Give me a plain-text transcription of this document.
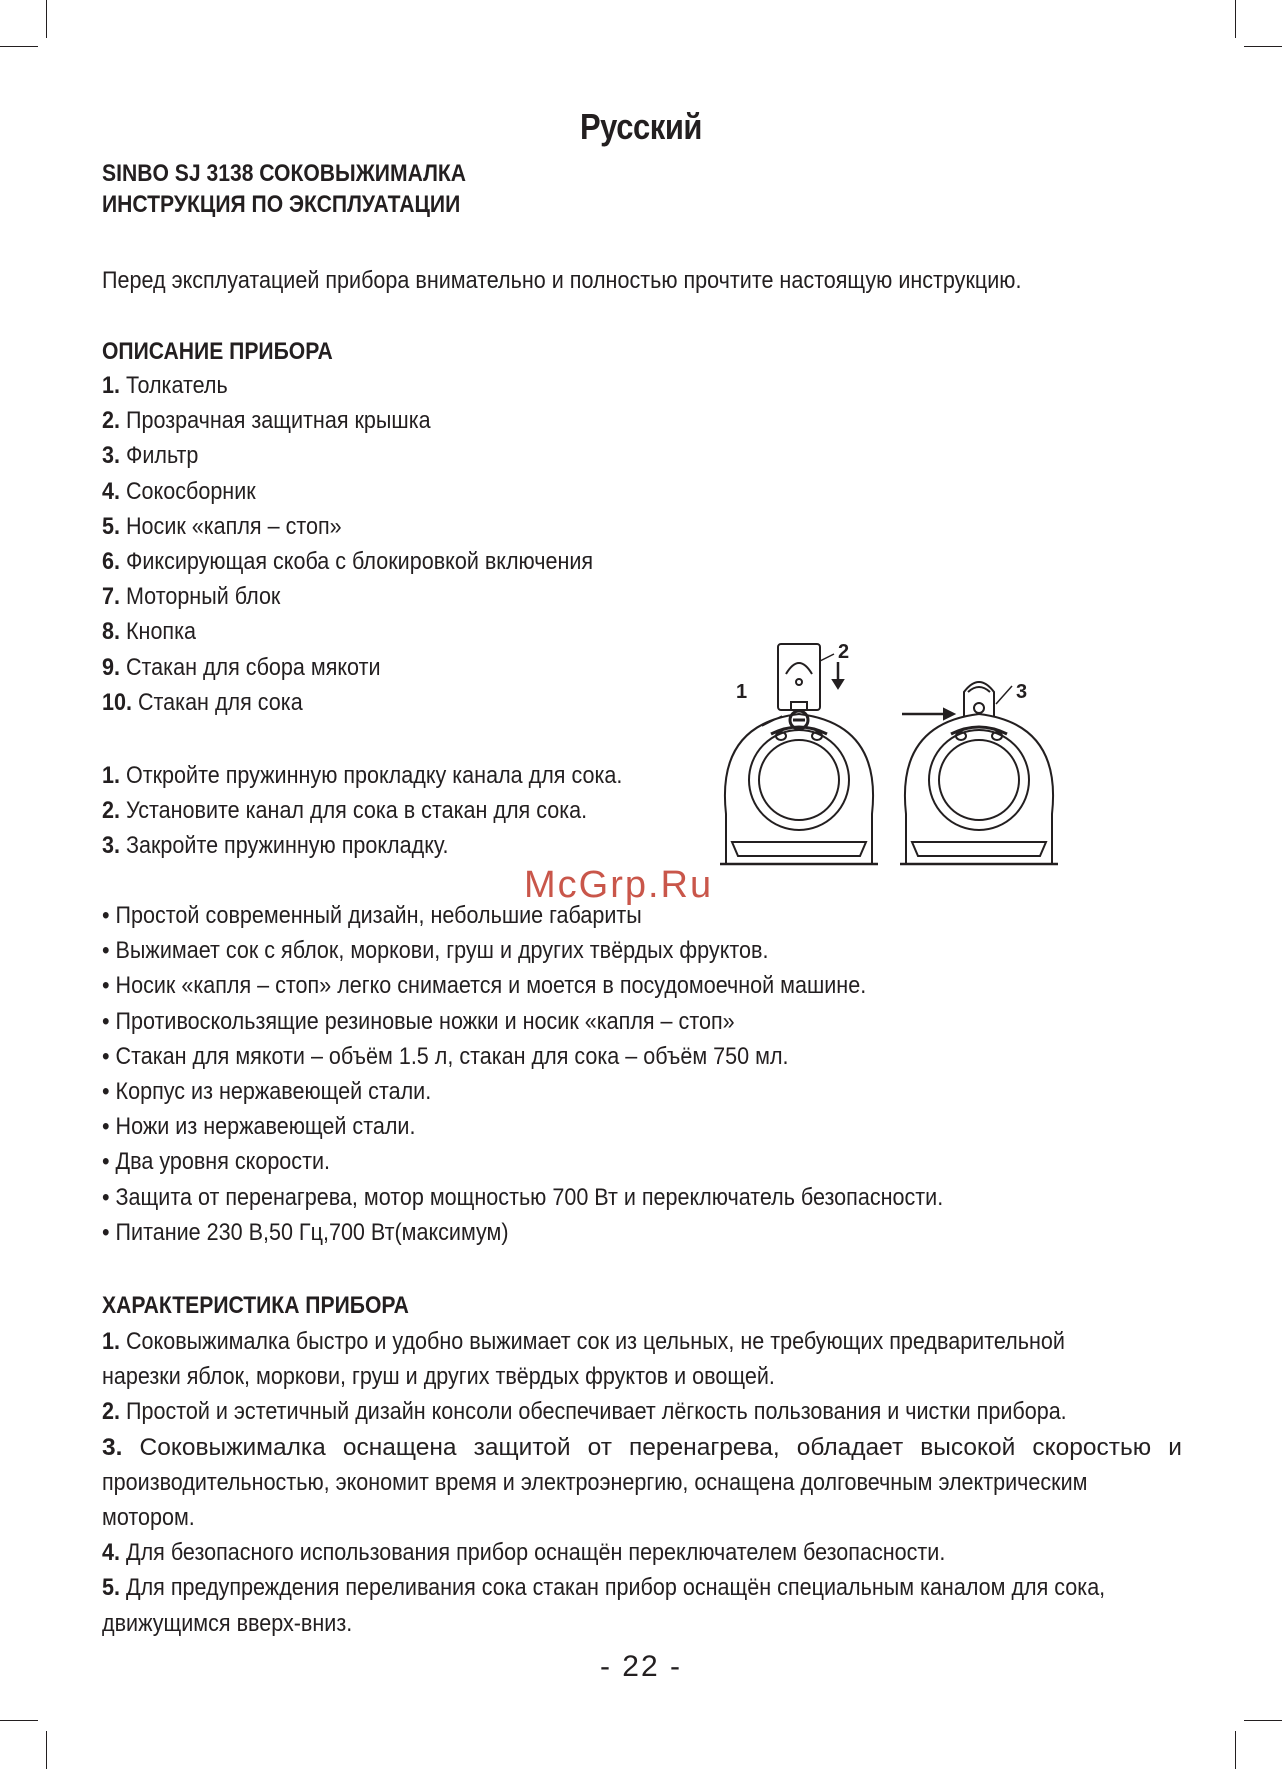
Русский
SINBO SJ 3138 СОКОВЫЖИМАЛКА
ИНСТРУКЦИЯ ПО ЭКСПЛУАТАЦИИ
Перед эксплуатацией прибора внимательно и полностью прочтите настоящую инструкцию.
ОПИСАНИЕ ПРИБОРА
1. Толкатель
2. Прозрачная защитная крышка
3. Фильтр
4. Сокосборник
5. Носик «капля – стоп»
6. Фиксирующая скоба с блокировкой включения
7. Моторный блок
8. Кнопка
9. Стакан для сбора мякоти
10. Стакан для сока
1. Откройте пружинную прокладку канала для сока.
2. Установите канал для сока в стакан для сока.
3. Закройте пружинную прокладку.
2
1	3
McGrp.Ru
• Простой современный дизайн, небольшие габариты
• Выжимает сок с яблок, моркови, груш и других твёрдых фруктов.
• Носик «капля – стоп» легко снимается и моется в посудомоечной машине.
• Противоскользящие резиновые ножки и носик «капля – стоп»
• Стакан для мякоти – объём 1.5 л, стакан для сока – объём 750 мл.
• Корпус из нержавеющей стали.
• Ножи из нержавеющей стали.
• Два уровня скорости.
• Защита от перенагрева, мотор мощностью 700 Вт и переключатель безопасности.
• Питание 230 В,50 Гц,700 Вт(максимум)
ХАРАКТЕРИСТИКА ПРИБОРА
1. Соковыжималка быстро и удобно выжимает сок из цельных, не требующих предварительной
нарезки яблок, моркови, груш и других твёрдых фруктов и овощей.
2. Простой и эстетичный дизайн консоли обеспечивает лёгкость пользования и чистки прибора.
3. Соковыжималка оснащена защитой от перенагрева, обладает высокой скоростью и
производительностью, экономит время и электроэнергию, оснащена долговечным электрическим
мотором.
4. Для безопасного использования прибор оснащён переключателем безопасности.
5. Для предупреждения переливания сока стакан прибор оснащён специальным каналом для сока,
движущимся вверх-вниз.
- 22 -
